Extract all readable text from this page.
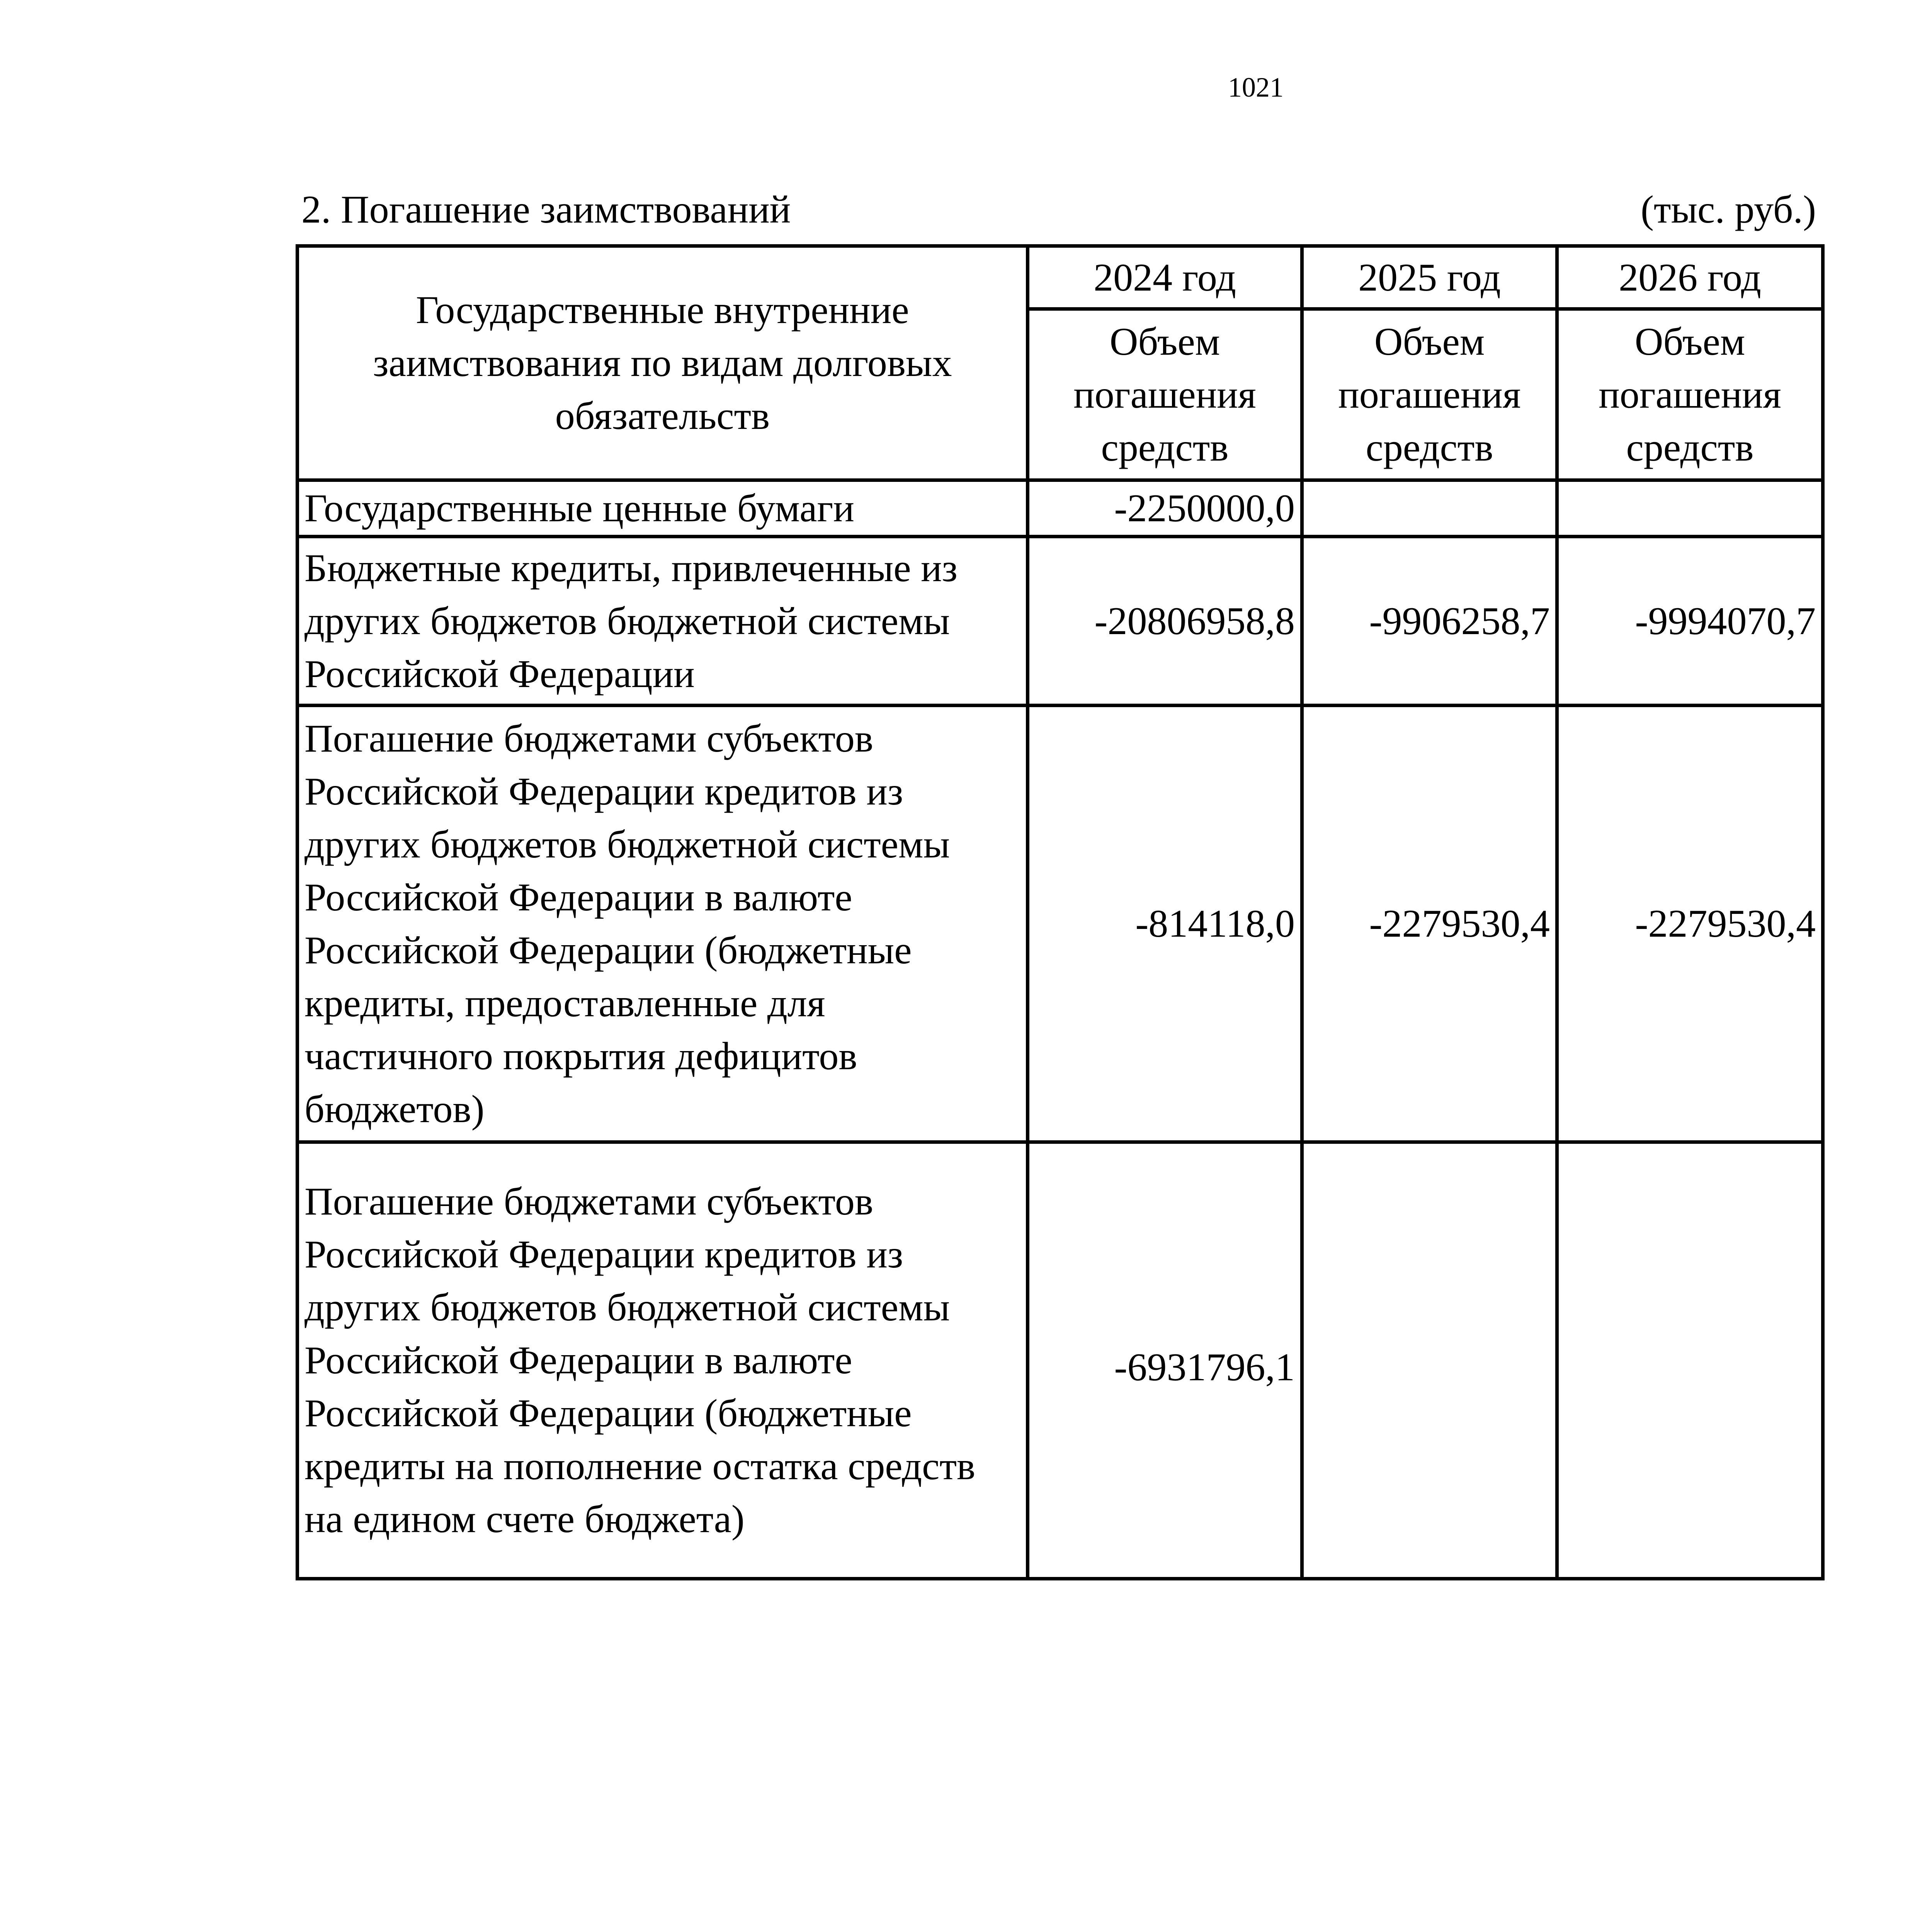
1021
2. Погашение заимствований	(тыс. руб.)
Государственные внутренние заимствования по видам долговых обязательств	2024 год	2025 год	2026 год
	Объем погашения средств	Объем погашения средств	Объем погашения средств
Государственные ценные бумаги	-2250000,0		
Бюджетные кредиты, привлеченные из других бюджетов бюджетной системы Российской Федерации	-20806958,8	-9906258,7	-9994070,7
Погашение бюджетами субъектов Российской Федерации кредитов из других бюджетов бюджетной системы Российской Федерации в валюте Российской Федерации (бюджетные кредиты, предоставленные для частичного покрытия дефицитов бюджетов)	-814118,0	-2279530,4	-2279530,4
Погашение бюджетами субъектов Российской Федерации кредитов из других бюджетов бюджетной системы Российской Федерации в валюте Российской Федерации (бюджетные кредиты на пополнение остатка средств на едином счете бюджета)	-6931796,1		
